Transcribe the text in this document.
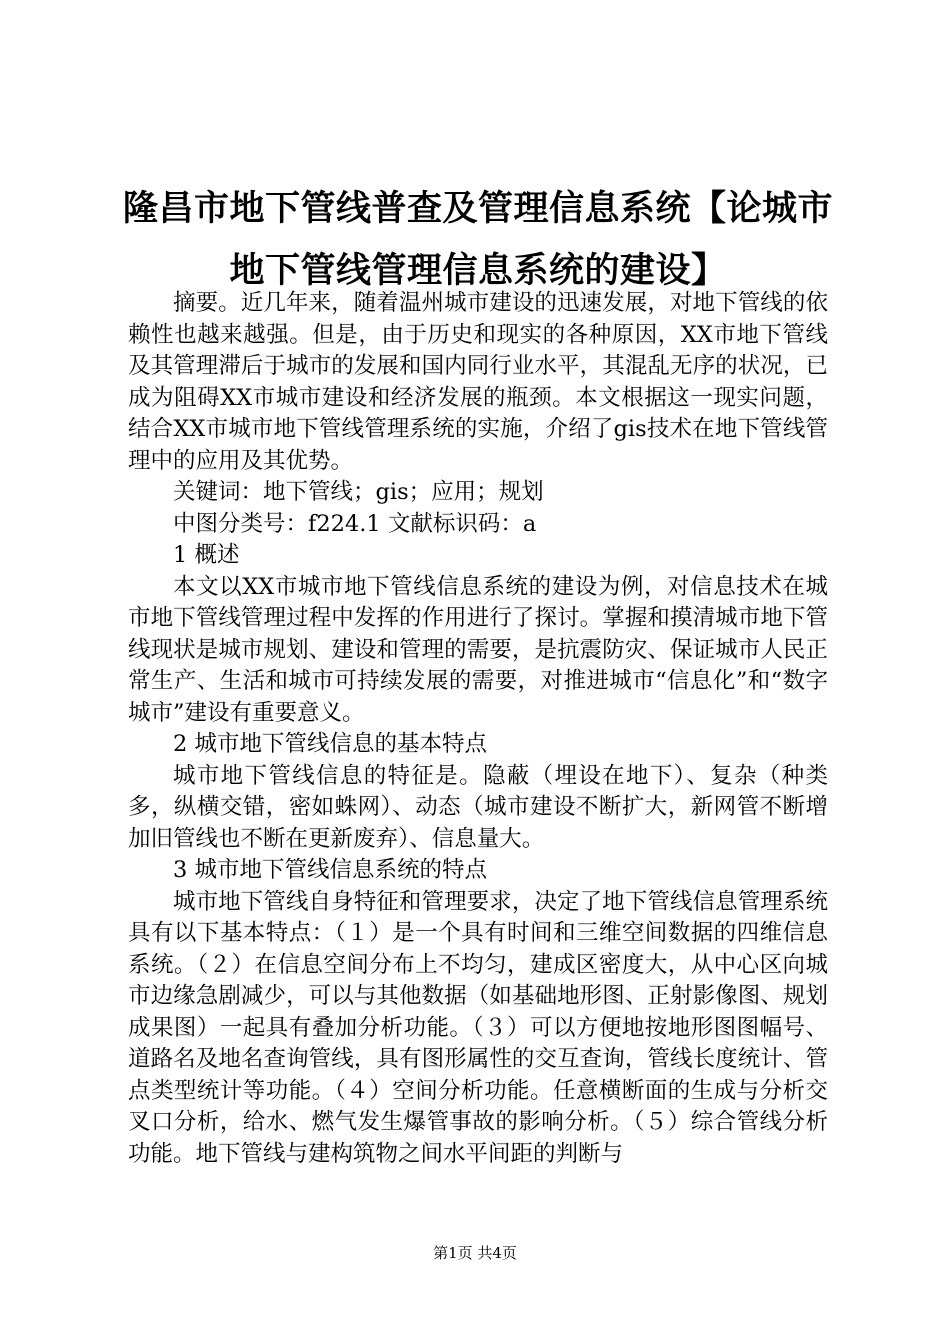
隆昌市地下管线普查及管理信息系统【论城市地下管线管理信息系统的建设】

摘要。近几年来，随着温州城市建设的迅速发展，对地下管线的依赖性也越来越强。但是，由于历史和现实的各种原因，XX市地下管线及其管理滞后于城市的发展和国内同行业水平，其混乱无序的状况，已成为阻碍XX市城市建设和经济发展的瓶颈。本文根据这一现实问题，结合XX市城市地下管线管理系统的实施，介绍了gis技术在地下管线管理中的应用及其优势。

关键词：地下管线；gis；应用；规划

中图分类号：f224.1 文献标识码：a

1 概述

本文以XX市城市地下管线信息系统的建设为例，对信息技术在城市地下管线管理过程中发挥的作用进行了探讨。掌握和摸清城市地下管线现状是城市规划、建设和管理的需要，是抗震防灾、保证城市人民正常生产、生活和城市可持续发展的需要，对推进城市“信息化”和“数字城市”建设有重要意义。

2 城市地下管线信息的基本特点

城市地下管线信息的特征是。隐蔽（埋设在地下）、复杂（种类多，纵横交错，密如蛛网）、动态（城市建设不断扩大，新网管不断增加旧管线也不断在更新废弃）、信息量大。

3 城市地下管线信息系统的特点

城市地下管线自身特征和管理要求，决定了地下管线信息管理系统具有以下基本特点：（１）是一个具有时间和三维空间数据的四维信息系统。（２）在信息空间分布上不均匀，建成区密度大，从中心区向城市边缘急剧减少，可以与其他数据（如基础地形图、正射影像图、规划成果图）一起具有叠加分析功能。（３）可以方便地按地形图图幅号、道路名及地名查询管线，具有图形属性的交互查询，管线长度统计、管点类型统计等功能。（４）空间分析功能。任意横断面的生成与分析交叉口分析，给水、燃气发生爆管事故的影响分析。（５）综合管线分析功能。地下管线与建构筑物之间水平间距的判断与

第1页 共4页
